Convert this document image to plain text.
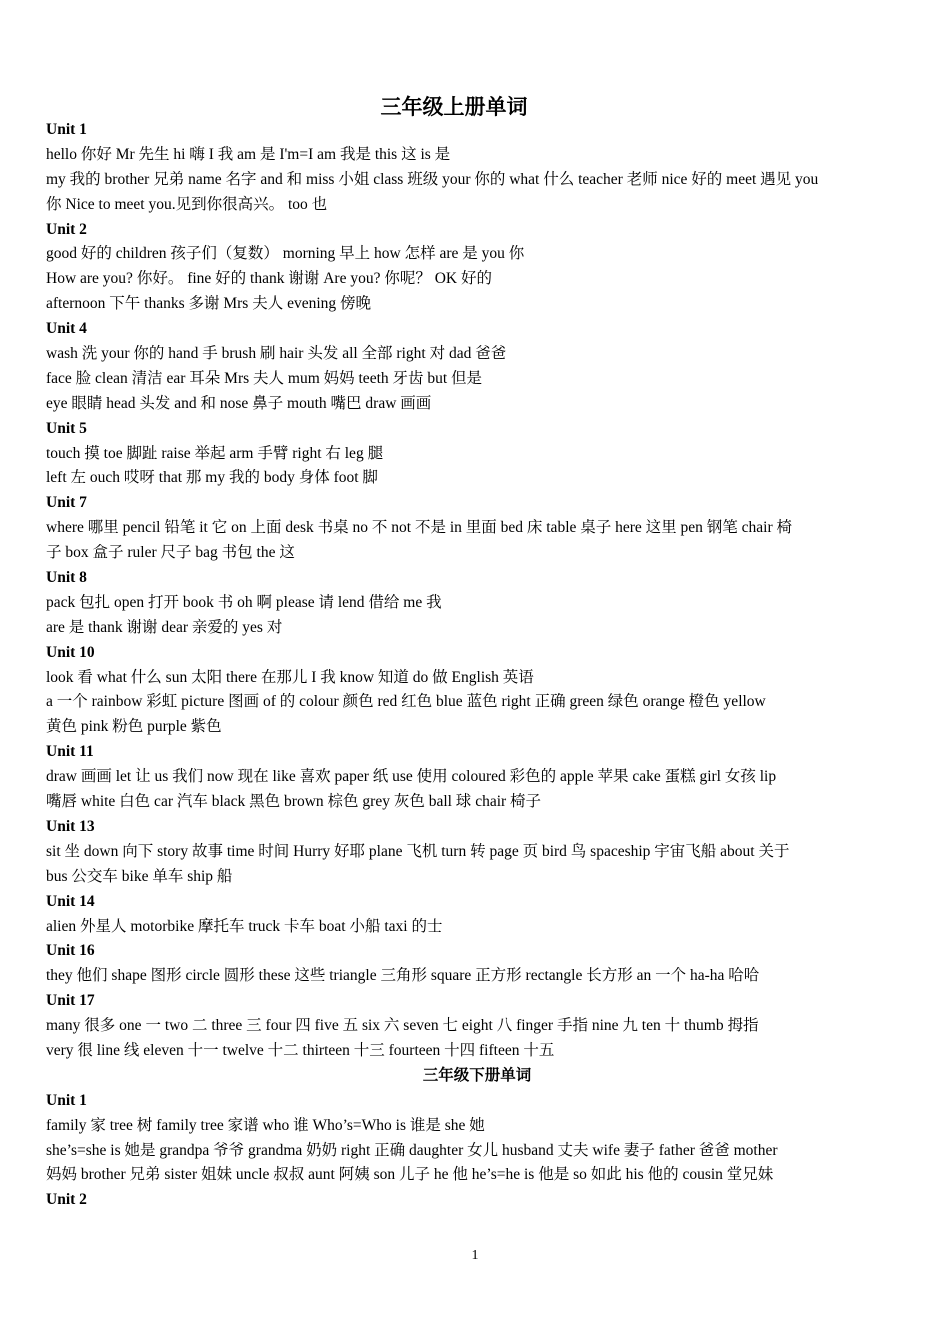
三年级上册单词
Unit 1
hello 你好 Mr 先生 hi 嗨 I 我 am 是 I'm=I am 我是 this 这 is 是
my 我的 brother 兄弟 name 名字 and 和 miss 小姐 class 班级 your 你的 what 什么 teacher 老师 nice 好的 meet 遇见 you
你 Nice to meet you.见到你很高兴。 too 也
Unit 2
good 好的 children 孩子们（复数） morning 早上 how 怎样 are 是 you 你
How are you? 你好。 fine 好的 thank 谢谢 Are you? 你呢？ OK 好的
afternoon 下午 thanks 多谢 Mrs 夫人 evening 傍晚
Unit 4
wash 洗 your 你的 hand 手 brush 刷 hair 头发 all 全部 right 对 dad 爸爸
face 脸 clean 清洁 ear 耳朵 Mrs 夫人 mum 妈妈 teeth 牙齿 but 但是
eye 眼睛 head 头发 and 和 nose 鼻子 mouth 嘴巴 draw 画画
Unit 5
touch 摸 toe 脚趾 raise 举起 arm 手臂 right 右 leg 腿
left 左 ouch 哎呀 that 那 my 我的 body 身体 foot 脚
Unit 7
where 哪里 pencil 铅笔 it 它 on 上面 desk 书桌 no 不 not 不是 in 里面 bed 床 table 桌子 here 这里 pen 钢笔 chair 椅
子 box 盒子 ruler 尺子 bag 书包 the 这
Unit 8
pack 包扎 open 打开 book 书 oh 啊 please 请 lend 借给 me 我
are 是 thank 谢谢 dear 亲爱的 yes 对
Unit 10
look 看 what 什么 sun 太阳 there 在那儿 I 我 know 知道 do 做 English 英语
a 一个 rainbow 彩虹 picture 图画 of 的 colour 颜色 red 红色 blue 蓝色 right 正确 green 绿色 orange 橙色 yellow
黄色 pink 粉色 purple 紫色
Unit 11
draw 画画 let 让 us 我们 now 现在 like 喜欢 paper 纸 use 使用 coloured 彩色的 apple 苹果 cake 蛋糕 girl 女孩 lip
嘴唇 white 白色 car 汽车 black 黑色 brown 棕色 grey 灰色 ball 球 chair 椅子
Unit 13
sit 坐 down 向下 story 故事 time 时间 Hurry 好耶 plane 飞机 turn 转 page 页 bird 鸟 spaceship 宇宙飞船 about 关于
bus 公交车 bike 单车 ship 船
Unit 14
alien 外星人 motorbike 摩托车 truck 卡车 boat 小船 taxi 的士
Unit 16
they 他们 shape 图形 circle 圆形 these 这些 triangle 三角形 square 正方形 rectangle 长方形 an 一个 ha-ha 哈哈
Unit 17
many 很多 one 一 two 二 three 三 four 四 five 五 six 六 seven 七 eight 八 finger 手指 nine 九 ten 十 thumb 拇指
very 很 line 线 eleven 十一 twelve 十二 thirteen 十三 fourteen 十四 fifteen 十五
三年级下册单词
Unit 1
family 家 tree 树 family tree 家谱 who 谁 Who’s=Who is 谁是 she 她
she’s=she is 她是 grandpa 爷爷 grandma 奶奶 right 正确 daughter 女儿 husband 丈夫 wife 妻子 father 爸爸 mother
妈妈 brother 兄弟 sister 姐妹 uncle 叔叔 aunt 阿姨 son 儿子 he 他 he’s=he is 他是 so 如此 his 他的 cousin 堂兄妹
Unit 2
1
